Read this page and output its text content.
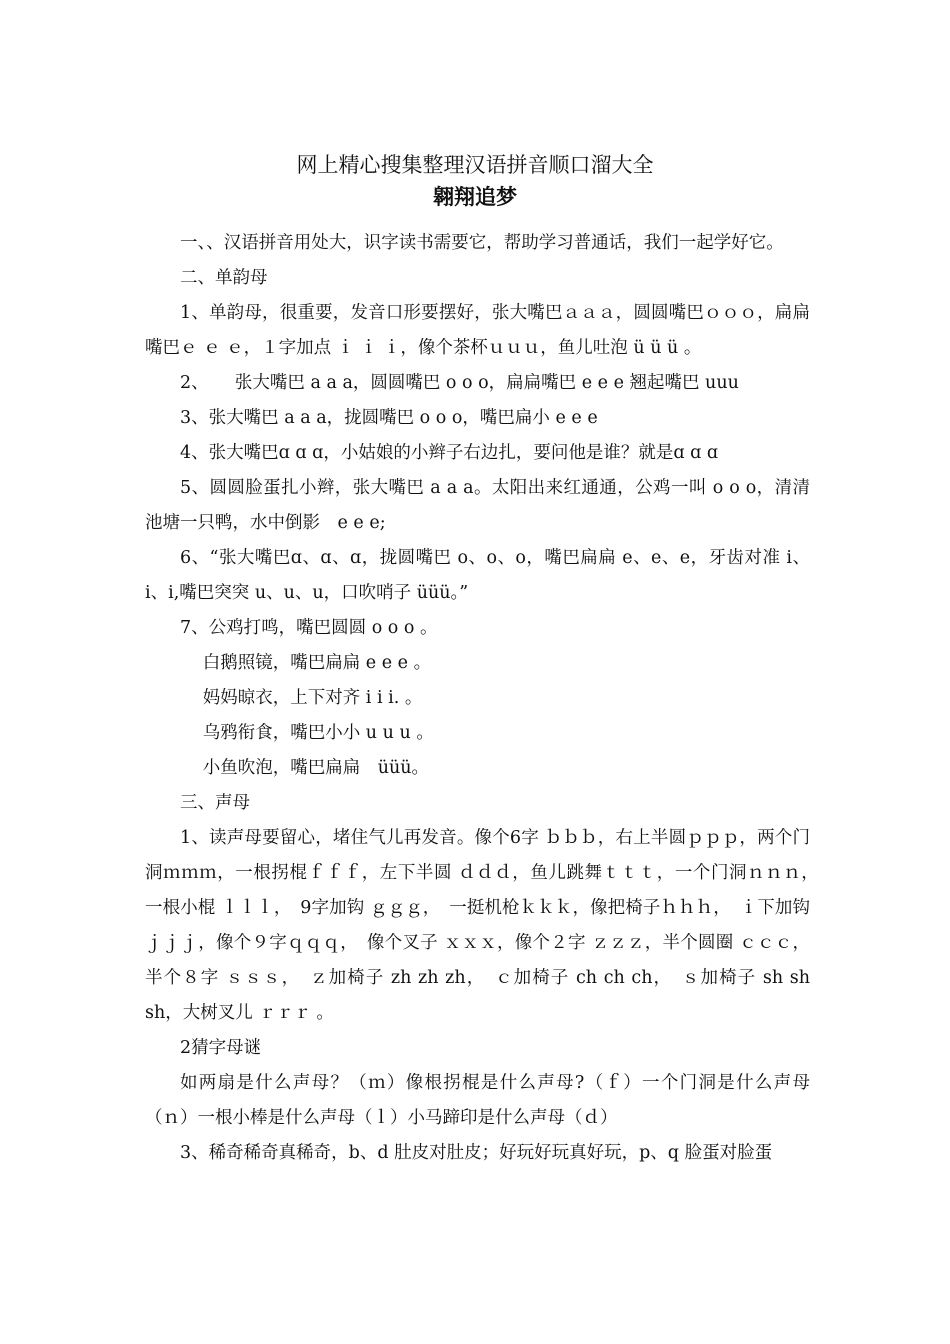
网上精心搜集整理汉语拼音顺口溜大全
翱翔追梦

一、、汉语拼音用处大，识字读书需要它，帮助学习普通话，我们一起学好它。

二、单韵母

1、单韵母，很重要，发音口形要摆好，张大嘴巴ａａａ，圆圆嘴巴ｏｏｏ，扁扁嘴巴ｅ ｅ ｅ，１字加点 ｉ ｉ ｉ，像个茶杯ｕｕｕ，鱼儿吐泡 ü ü ü 。

2、　　张大嘴巴 a a a，圆圆嘴巴 o o o，扁扁嘴巴 e e e 翘起嘴巴 uuu

3、张大嘴巴 a a a，拢圆嘴巴 o o o，嘴巴扁小 e e e

4、张大嘴巴ɑ ɑ ɑ，小姑娘的小辫子右边扎，要问他是谁？就是ɑ ɑ ɑ

5、圆圆脸蛋扎小辫，张大嘴巴 a a a。太阳出来红通通，公鸡一叫 o o o，清清池塘一只鸭，水中倒影　e e e;

6、“张大嘴巴ɑ、ɑ、ɑ，拢圆嘴巴 o、o、o，嘴巴扁扁 e、e、e，牙齿对准 i、i、i,嘴巴突突 u、u、u，口吹哨子 üüü。”

7、公鸡打鸣，嘴巴圆圆 o o o 。

白鹅照镜，嘴巴扁扁 e e e 。

妈妈晾衣，上下对齐 i i i. 。

乌鸦衔食，嘴巴小小 u u u 。

小鱼吹泡，嘴巴扁扁　üüü。

三、声母

1、读声母要留心，堵住气儿再发音。像个6字 ｂｂｂ，右上半圆ｐｐｐ，两个门洞ｍｍｍ，一根拐棍ｆｆｆ，左下半圆 ｄｄｄ，鱼儿跳舞ｔｔｔ，一个门洞ｎｎｎ，　一根小棍 ｌｌｌ，　9字加钩 ｇｇｇ，　一挺机枪ｋｋｋ，像把椅子ｈｈｈ，　ｉ下加钩ｊｊｊ，像个９字ｑｑｑ，　像个叉子 ｘｘｘ，像个２字 ｚｚｚ，半个圆圈 ｃｃｃ，半个８字 ｓｓｓ，　ｚ加椅子 zh zh zh，　ｃ加椅子 ch ch ch，　ｓ加椅子 sh sh sh，大树叉儿 ｒｒｒ 。

2猜字母谜

如两扇是什么声母？（ｍ）像根拐棍是什么声母?（ｆ）一个门洞是什么声母（ｎ）一根小棒是什么声母（ｌ）小马蹄印是什么声母（ｄ）

3、稀奇稀奇真稀奇，b、d 肚皮对肚皮；好玩好玩真好玩，p、q 脸蛋对脸蛋
